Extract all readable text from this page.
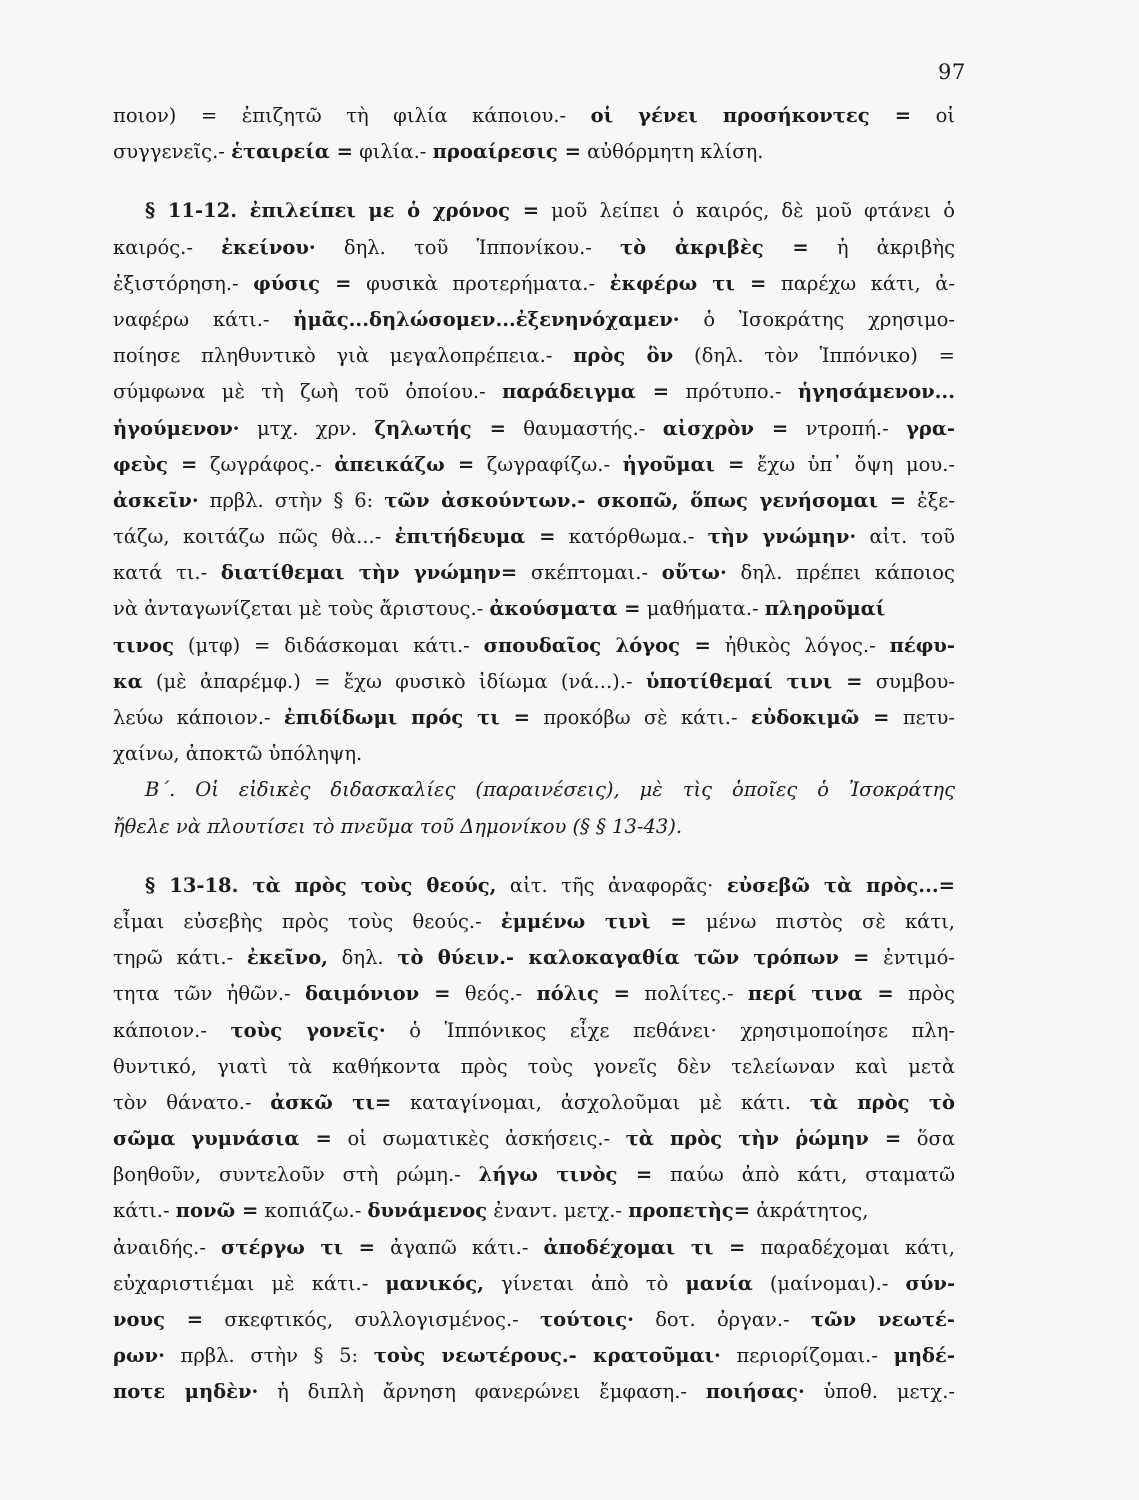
97
ποιον) = ἐπιζητῶ τὴ φιλία κάποιου.- οἱ γένει προσήκοντες = οἱ
συγγενεῖς.- ἑταιρεία = φιλία.- προαίρεσις = αὐθόρμητη κλίση.
§ 11-12. ἐπιλείπει με ὁ χρόνος = μοῦ λείπει ὁ καιρός, δὲ μοῦ φτάνει ὁ
καιρός.- ἐκείνου· δηλ. τοῦ Ἱππονίκου.- τὸ ἀκριβὲς = ἡ ἀκριβὴς
ἐξιστόρηση.- φύσις = φυσικὰ προτερήματα.- ἐκφέρω τι = παρέχω κάτι, ἀ-
ναφέρω κάτι.- ἡμᾶς...δηλώσομεν...ἐξενηνόχαμεν· ὁ Ἰσοκράτης χρησιμο-
ποίησε πληθυντικὸ γιὰ μεγαλοπρέπεια.- πρὸς ὃν (δηλ. τὸν Ἱππόνικο) =
σύμφωνα μὲ τὴ ζωὴ τοῦ ὁποίου.- παράδειγμα = πρότυπο.- ἡγησάμενον...
ἡγούμενον· μτχ. χρν. ζηλωτής = θαυμαστής.- αἰσχρὸν = ντροπή.- γρα-
φεὺς = ζωγράφος.- ἀπεικάζω = ζωγραφίζω.- ἡγοῦμαι = ἔχω ὑπ᾽ ὄψη μου.-
ἀσκεῖν· πρβλ. στὴν § 6: τῶν ἀσκούντων.- σκοπῶ, ὅπως γενήσομαι = ἐξε-
τάζω, κοιτάζω πῶς θὰ...- ἐπιτήδευμα = κατόρθωμα.- τὴν γνώμην· αἰτ. τοῦ
κατά τι.- διατίθεμαι τὴν γνώμην= σκέπτομαι.- οὕτω· δηλ. πρέπει κάποιος
νὰ ἀνταγωνίζεται μὲ τοὺς ἄριστους.- ἀκούσματα = μαθήματα.- πληροῦμαί
τινος (μτφ) = διδάσκομαι κάτι.- σπουδαῖος λόγος = ἠθικὸς λόγος.- πέφυ-
κα (μὲ ἀπαρέμφ.) = ἔχω φυσικὸ ἰδίωμα (νά...).- ὑποτίθεμαί τινι = συμβου-
λεύω κάποιον.- ἐπιδίδωμι πρός τι = προκόβω σὲ κάτι.- εὐδοκιμῶ = πετυ-
χαίνω, ἀποκτῶ ὑπόληψη.
Β΄. Οἱ εἰδικὲς διδασκαλίες (παραινέσεις), μὲ τὶς ὁποῖες ὁ Ἰσοκράτης
ἤθελε νὰ πλουτίσει τὸ πνεῦμα τοῦ Δημονίκου (§ § 13-43).
§ 13-18. τὰ πρὸς τοὺς θεούς, αἰτ. τῆς ἀναφορᾶς· εὐσεβῶ τὰ πρὸς...=
εἶμαι εὐσεβὴς πρὸς τοὺς θεούς.- ἐμμένω τινὶ = μένω πιστὸς σὲ κάτι,
τηρῶ κάτι.- ἐκεῖνο, δηλ. τὸ θύειν.- καλοκαγαθία τῶν τρόπων = ἐντιμό-
τητα τῶν ἠθῶν.- δαιμόνιον = θεός.- πόλις = πολίτες.- περί τινα = πρὸς
κάποιον.- τοὺς γονεῖς· ὁ Ἱππόνικος εἶχε πεθάνει· χρησιμοποίησε πλη-
θυντικό, γιατὶ τὰ καθήκοντα πρὸς τοὺς γονεῖς δὲν τελείωναν καὶ μετὰ
τὸν θάνατο.- ἀσκῶ τι= καταγίνομαι, ἀσχολοῦμαι μὲ κάτι. τὰ πρὸς τὸ
σῶμα γυμνάσια = οἱ σωματικὲς ἀσκήσεις.- τὰ πρὸς τὴν ῥώμην = ὅσα
βοηθοῦν, συντελοῦν στὴ ρώμη.- λήγω τινὸς = παύω ἀπὸ κάτι, σταματῶ
κάτι.- πονῶ = κοπιάζω.- δυνάμενος ἐναντ. μετχ.- προπετὴς= ἀκράτητος,
ἀναιδής.- στέργω τι = ἀγαπῶ κάτι.- ἀποδέχομαι τι = παραδέχομαι κάτι,
εὐχαριστιέμαι μὲ κάτι.- μανικός, γίνεται ἀπὸ τὸ μανία (μαίνομαι).- σύν-
νους = σκεφτικός, συλλογισμένος.- τούτοις· δοτ. ὀργαν.- τῶν νεωτέ-
ρων· πρβλ. στὴν § 5: τοὺς νεωτέρους.- κρατοῦμαι· περιορίζομαι.- μηδέ-
ποτε μηδὲν· ἡ διπλὴ ἄρνηση φανερώνει ἔμφαση.- ποιήσας· ὑποθ. μετχ.-
